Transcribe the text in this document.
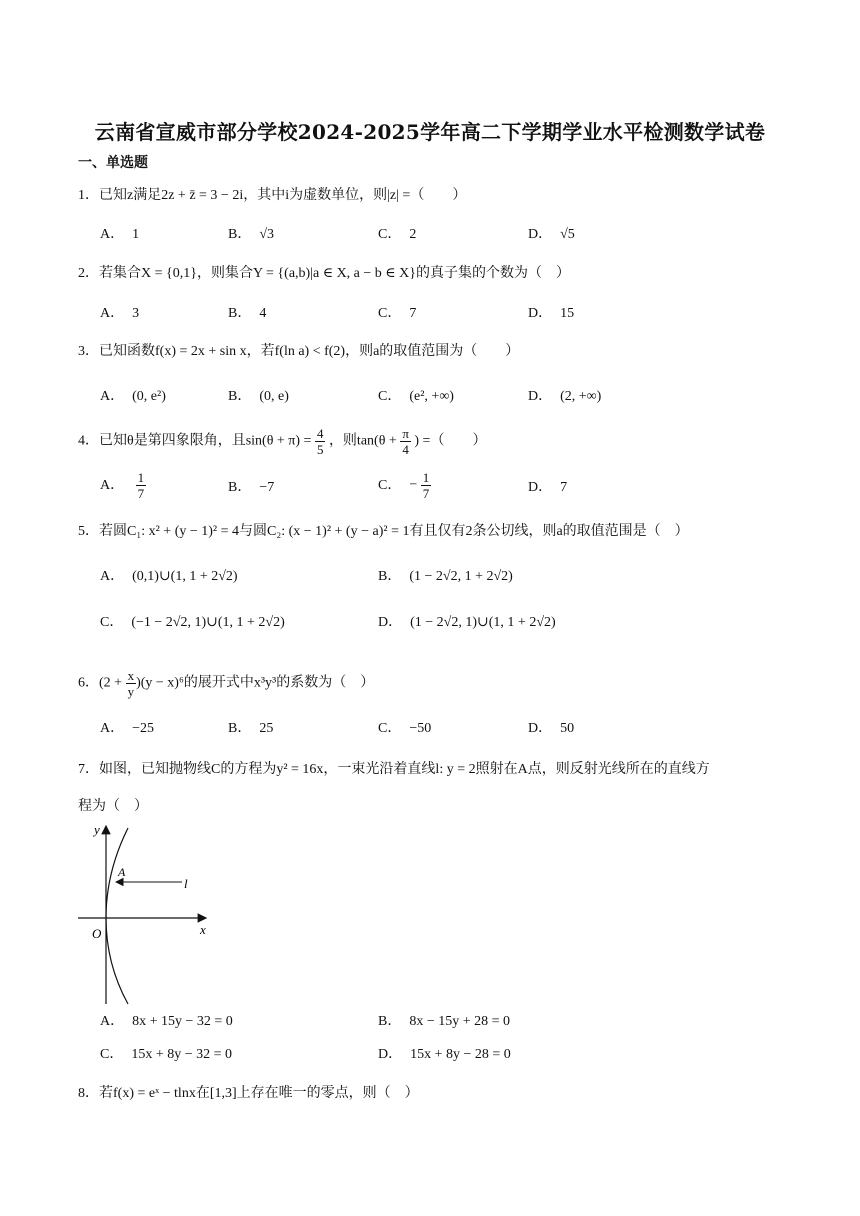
云南省宣威市部分学校2024-2025学年高二下学期学业水平检测数学试卷
一、单选题
1．已知z满足2z + z̄ = 3 − 2i，其中i为虚数单位，则|z| =（　　）
A． 1	B． √3	C． 2	D． √5
2．若集合X = {0,1}，则集合Y = {(a,b)|a ∈ X, a − b ∈ X}的真子集的个数为（　）
A． 3	B． 4	C． 7	D． 15
3．已知函数f(x) = 2x + sin x，若f(ln a) < f(2)，则a的取值范围为（　　）
A． (0, e²)	B． (0, e)	C． (e², +∞)	D． (2, +∞)
4．已知θ是第四象限角，且$\sin(\theta + \pi) = \frac{4}{5}$ ，则$\tan(\theta + \frac{\pi}{4}$ ) =（　　）
A． $\frac{1}{7}$	B． −7	C． − $\frac{1}{7}$	D． 7
5．若圆C₁: x² + (y − 1)² = 4与圆C₂: (x − 1)² + (y − a)² = 1有且仅有2条公切线，则a的取值范围是（　）
A． (0,1)∪(1, 1 + 2√2)	B． (1 − 2√2, 1 + 2√2)
C． (−1 − 2√2, 1)∪(1, 1 + 2√2)	D． (1 − 2√2, 1)∪(1, 1 + 2√2)
6．$(2 + \frac{x}{y} )(y - x)^6$的展开式中x³y³的系数为（　）
A． −25	B． 25	C． −50	D． 50
7．如图，已知抛物线C的方程为y² = 16x，一束光沿着直线l: y = 2照射在A点，则反射光线所在的直线方
程为（　）
y
x
O
A
l
A． 8x + 15y − 32 = 0	B． 8x − 15y + 28 = 0
C． 15x + 8y − 32 = 0	D． 15x + 8y − 28 = 0
8．若f(x) = eˣ − tlnx在[1,3]上存在唯一的零点，则（　）
